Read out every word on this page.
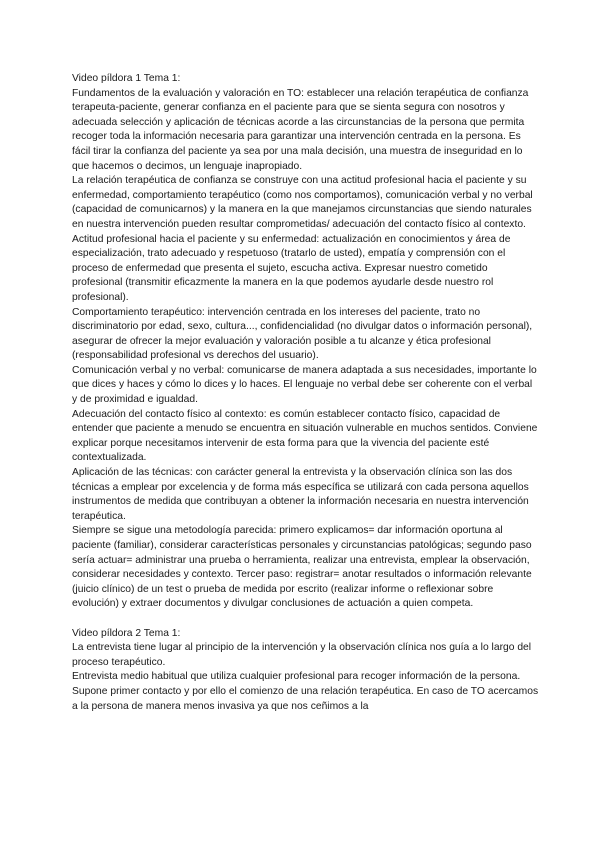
Video píldora 1 Tema 1:

Fundamentos de la evaluación y valoración en TO: establecer una relación terapéutica de confianza terapeuta-paciente, generar confianza en el paciente para que se sienta segura con nosotros y adecuada selección y aplicación de técnicas acorde a las circunstancias de la persona que permita recoger toda la información necesaria para garantizar una intervención centrada en la persona. Es fácil tirar la confianza del paciente ya sea por una mala decisión, una muestra de inseguridad en lo que hacemos o decimos, un lenguaje inapropiado.

La relación terapéutica de confianza se construye con una actitud profesional hacia el paciente y su enfermedad, comportamiento terapéutico (como nos comportamos), comunicación verbal y no verbal (capacidad de comunicarnos) y la manera en la que manejamos circunstancias que siendo naturales en nuestra intervención pueden resultar comprometidas/ adecuación del contacto físico al contexto.

Actitud profesional hacia el paciente y su enfermedad: actualización en conocimientos y área de especialización, trato adecuado y respetuoso (tratarlo de usted), empatía y comprensión con el proceso de enfermedad que presenta el sujeto, escucha activa. Expresar nuestro cometido profesional (transmitir eficazmente la manera en la que podemos ayudarle desde nuestro rol profesional).

Comportamiento terapéutico: intervención centrada en los intereses del paciente, trato no discriminatorio por edad, sexo, cultura..., confidencialidad (no divulgar datos o información personal), asegurar de ofrecer la mejor evaluación y valoración posible a tu alcanze y ética profesional (responsabilidad profesional vs derechos del usuario).

Comunicación verbal y no verbal: comunicarse de manera adaptada a sus necesidades, importante lo que dices y haces y cómo lo dices y lo haces. El lenguaje no verbal debe ser coherente con el verbal y de proximidad e igualdad.

Adecuación del contacto físico al contexto: es común establecer contacto físico, capacidad de entender que paciente a menudo se encuentra en situación vulnerable en muchos sentidos. Conviene explicar porque necesitamos intervenir de esta forma para que la vivencia del paciente esté contextualizada.

Aplicación de las técnicas: con carácter general la entrevista y la observación clínica son las dos técnicas a emplear por excelencia y de forma más específica se utilizará con cada persona aquellos instrumentos de medida que contribuyan a obtener la información necesaria en nuestra intervención terapéutica.

Siempre se sigue una metodología parecida: primero explicamos= dar información oportuna al paciente (familiar), considerar características personales y circunstancias patológicas; segundo paso sería actuar= administrar una prueba o herramienta, realizar una entrevista, emplear la observación, considerar necesidades y contexto. Tercer paso: registrar= anotar resultados o información relevante (juicio clínico) de un test o prueba de medida por escrito (realizar informe o reflexionar sobre evolución) y extraer documentos y divulgar conclusiones de actuación a quien competa.

Video píldora 2 Tema 1:

La entrevista tiene lugar al principio de la intervención y la observación clínica nos guía a lo largo del proceso terapéutico.

Entrevista medio habitual que utiliza cualquier profesional para recoger información de la persona. Supone primer contacto y por ello el comienzo de una relación terapéutica. En caso de TO acercamos a la persona de manera menos invasiva ya que nos ceñimos a la
